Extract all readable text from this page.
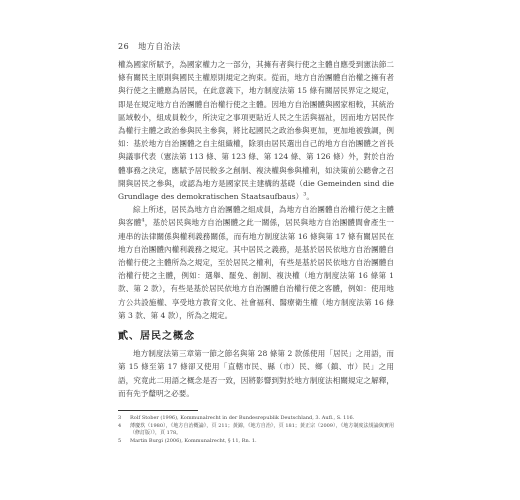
26 地方自治法

權為國家所賦予，為國家權力之一部分，其擁有者與行使之主體自應受到憲法節二條有關民主原則與國民主權原則規定之拘束。從而，地方自治團體自治權之擁有者與行使之主體應為居民，在此意義下，地方制度法第 15 條有關居民界定之規定，即是在規定地方自治團體自治權行使之主體。因地方自治團體與國家相較，其統治區域較小，組成員較少，所決定之事項更貼近人民之生活與福祉，因而地方居民作為權行主體之政治參與民主參與，將比起國民之政治參與更加，更加地被強調，例如：基於地方自治團體之自主組織權，除須由居民選出自己的地方自治團體之首長與議事代表（憲法第 113 條、第 123 條、第 124 條、第 126 條）外，對於自治體事務之決定，應賦予居民較多之創制、複決權與參與權利，如決策前公聽會之召開與居民之參與，或認為地方是國家民主建構的基礎（die Gemeinden sind die Grundlage des demokratischen Staatsaufbaus）$^3$。

綜上所述，居民為地方自治團體之組成員，為地方自治團體自治權行使之主體與客體$^4$，基於居民與地方自治團體之此一關係，居民與地方自治團體間會產生一連串的法律關係與權利義務關係，而有地方制度法第 16 條與第 17 條有關居民在地方自治團體內權利義務之規定。其中居民之義務，是基於居民依地方自治團體自治權行使之主體所為之規定，至於居民之權利，有些是基於居民依地方自治團體自治權行使之主體，例如：選舉、罷免、創制、複決權（地方制度法第 16 條第 1 款、第 2 款），有些是基於居民依地方自治團體自治權行使之客體，例如：使用地方公共設施權、享受地方教育文化、社會福利、醫療衛生權（地方制度法第 16 條第 3 款、第 4 款），所為之規定。

貳、居民之概念

地方制度法第三章第一節之節名與第 28 條第 2 款係使用「居民」之用語，而第 15 條至第 17 條卻又使用「直轄市民、縣（市）民、鄉（鎮、市）民」之用語，究竟此二用語之概念是否一致，因將影響到對於地方制度法相關規定之解釋，而有先予釐明之必要。

3 Rolf Stober (1996), Kommunalrecht in der Bundesrepublik Deutschland, 3. Aufl., S. 116.
4 薄慶玖（1980），《地方自治概論》，頁 211；黃錦，《地方自治》，頁 181；黃正宗（2009），《地方制度法規論與實用（修訂版）》，頁 178。
5 Martin Burgi (2006), Kommunalrecht, § 11, Rn. 1.
